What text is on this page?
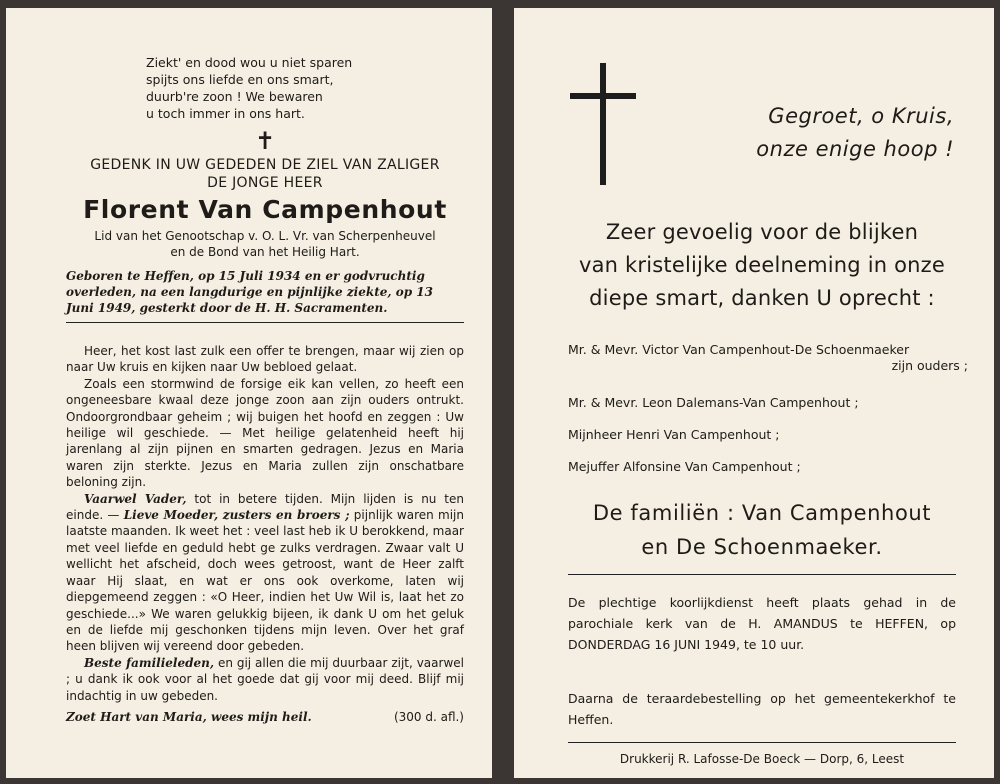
Ziekt' en dood wou u niet sparen
spijts ons liefde en ons smart,
duurb're zoon ! We bewaren
u toch immer in ons hart.
✝
GEDENK IN UW GEDEDEN DE ZIEL VAN ZALIGER
DE JONGE HEER
Florent Van Campenhout
Lid van het Genootschap v. O. L. Vr. van Scherpenheuvel
en de Bond van het Heilig Hart.
Geboren te Heffen, op 15 Juli 1934 en er godvruchtig overleden, na een langdurige en pijnlijke ziekte, op 13 Juni 1949, gesterkt door de H. H. Sacramenten.

Heer, het kost last zulk een offer te brengen, maar wij zien op naar Uw kruis en kijken naar Uw bebloed gelaat.

Zoals een stormwind de forsige eik kan vellen, zo heeft een ongeneesbare kwaal deze jonge zoon aan zijn ouders ontrukt. Ondoorgrondbaar geheim ; wij buigen het hoofd en zeggen : Uw heilige wil geschiede. — Met heilige gelatenheid heeft hij jarenlang al zijn pijnen en smarten gedragen. Jezus en Maria waren zijn sterkte. Jezus en Maria zullen zijn onschatbare beloning zijn.

Vaarwel Vader, tot in betere tijden. Mijn lijden is nu ten einde. — Lieve Moeder, zusters en broers ; pijnlijk waren mijn laatste maanden. Ik weet het : veel last heb ik U berokkend, maar met veel liefde en geduld hebt ge zulks verdragen. Zwaar valt U wellicht het afscheid, doch wees getroost, want de Heer zalft waar Hij slaat, en wat er ons ook overkome, laten wij diepgemeend zeggen : «O Heer, indien het Uw Wil is, laat het zo geschiede...» We waren gelukkig bijeen, ik dank U om het geluk en de liefde mij geschonken tijdens mijn leven. Over het graf heen blijven wij vereend door gebeden.

Beste familieleden, en gij allen die mij duurbaar zijt, vaarwel ; u dank ik ook voor al het goede dat gij voor mij deed. Blijf mij indachtig in uw gebeden.

Zoet Hart van Maria, wees mijn heil.	(300 d. afl.)
Gegroet, o Kruis,
onze enige hoop !
Zeer gevoelig voor de blijken
van kristelijke deelneming in onze
diepe smart, danken U oprecht :
Mr. & Mevr. Victor Van Campenhout-De Schoenmaeker
zijn ouders ;
Mr. & Mevr. Leon Dalemans-Van Campenhout ;
Mijnheer Henri Van Campenhout ;
Mejuffer Alfonsine Van Campenhout ;
De familiën : Van Campenhout
en De Schoenmaeker.
De plechtige koorlijkdienst heeft plaats gehad in de parochiale kerk van de H. AMANDUS te HEFFEN, op DONDERDAG 16 JUNI 1949, te 10 uur.
Daarna de teraardebestelling op het gemeentekerkhof te Heffen.
Drukkerij R. Lafosse-De Boeck — Dorp, 6, Leest
